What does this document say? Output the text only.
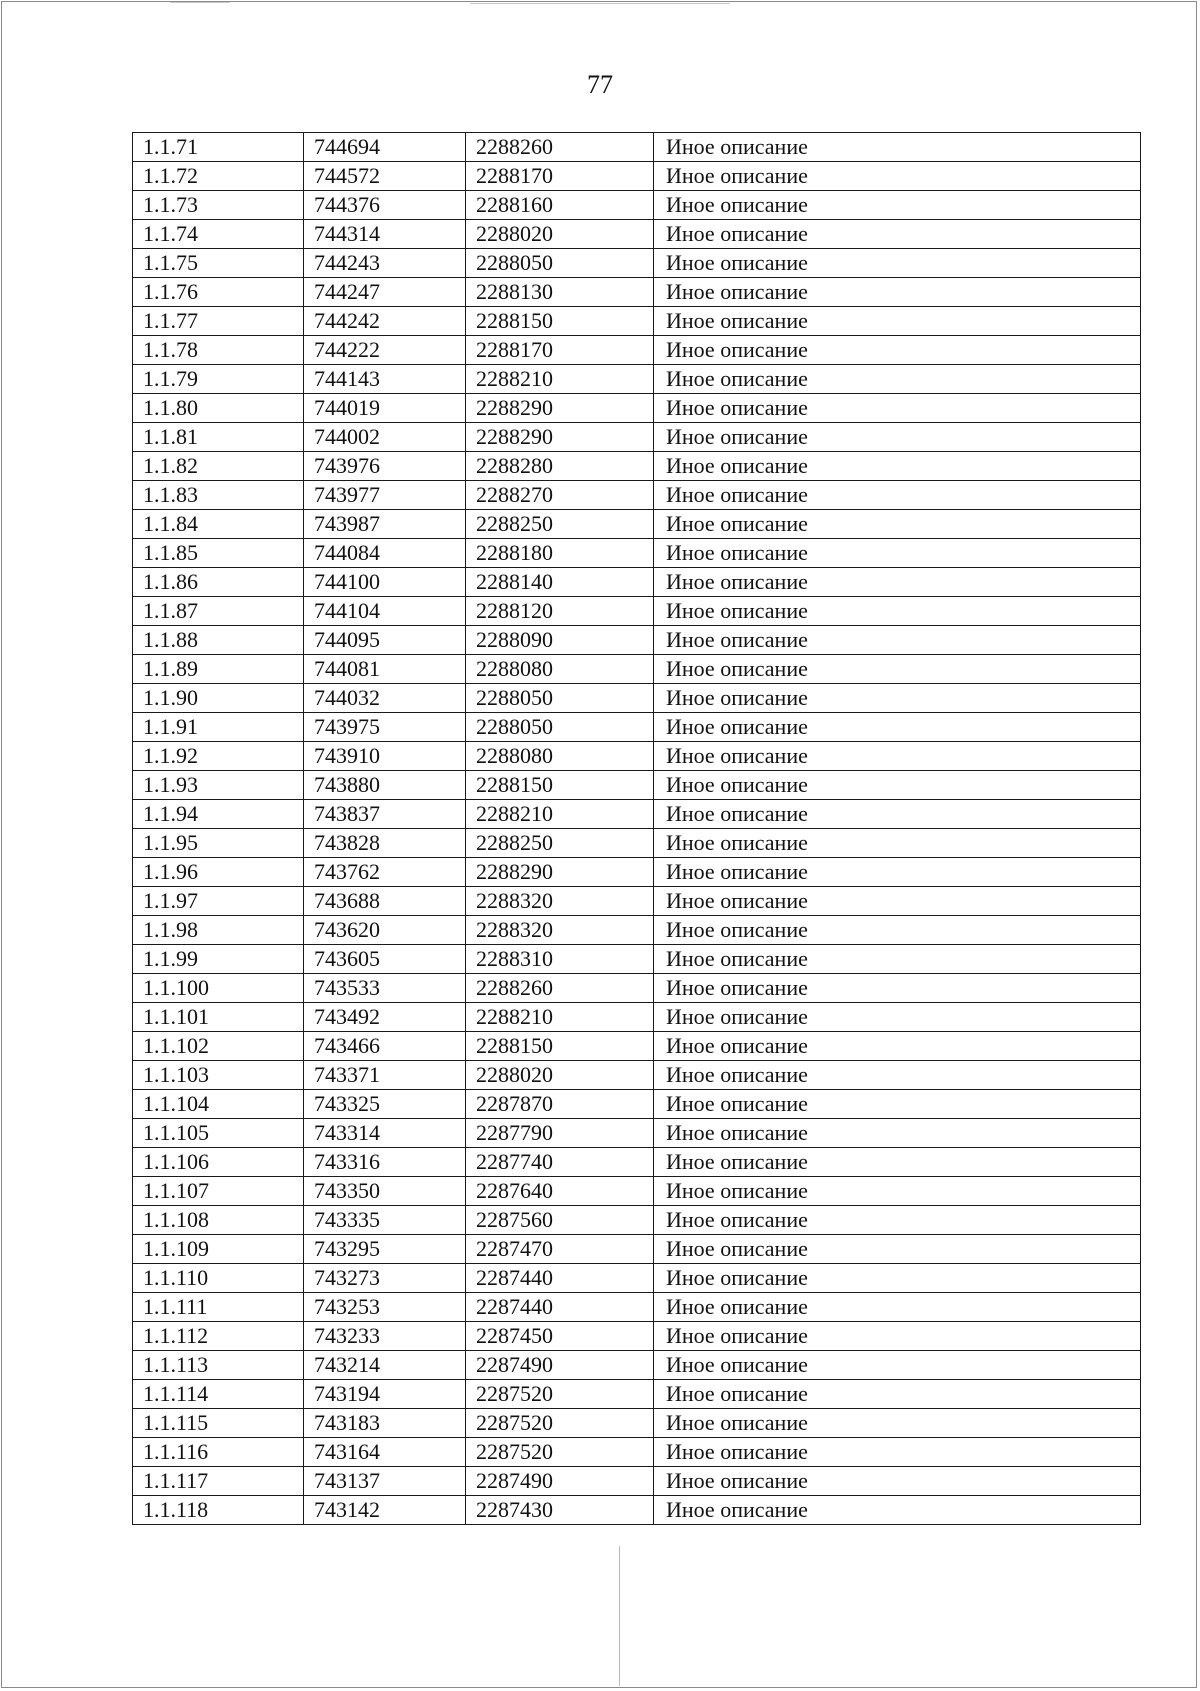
77
1.1.71	744694	2288260	Иное описание
1.1.72	744572	2288170	Иное описание
1.1.73	744376	2288160	Иное описание
1.1.74	744314	2288020	Иное описание
1.1.75	744243	2288050	Иное описание
1.1.76	744247	2288130	Иное описание
1.1.77	744242	2288150	Иное описание
1.1.78	744222	2288170	Иное описание
1.1.79	744143	2288210	Иное описание
1.1.80	744019	2288290	Иное описание
1.1.81	744002	2288290	Иное описание
1.1.82	743976	2288280	Иное описание
1.1.83	743977	2288270	Иное описание
1.1.84	743987	2288250	Иное описание
1.1.85	744084	2288180	Иное описание
1.1.86	744100	2288140	Иное описание
1.1.87	744104	2288120	Иное описание
1.1.88	744095	2288090	Иное описание
1.1.89	744081	2288080	Иное описание
1.1.90	744032	2288050	Иное описание
1.1.91	743975	2288050	Иное описание
1.1.92	743910	2288080	Иное описание
1.1.93	743880	2288150	Иное описание
1.1.94	743837	2288210	Иное описание
1.1.95	743828	2288250	Иное описание
1.1.96	743762	2288290	Иное описание
1.1.97	743688	2288320	Иное описание
1.1.98	743620	2288320	Иное описание
1.1.99	743605	2288310	Иное описание
1.1.100	743533	2288260	Иное описание
1.1.101	743492	2288210	Иное описание
1.1.102	743466	2288150	Иное описание
1.1.103	743371	2288020	Иное описание
1.1.104	743325	2287870	Иное описание
1.1.105	743314	2287790	Иное описание
1.1.106	743316	2287740	Иное описание
1.1.107	743350	2287640	Иное описание
1.1.108	743335	2287560	Иное описание
1.1.109	743295	2287470	Иное описание
1.1.110	743273	2287440	Иное описание
1.1.111	743253	2287440	Иное описание
1.1.112	743233	2287450	Иное описание
1.1.113	743214	2287490	Иное описание
1.1.114	743194	2287520	Иное описание
1.1.115	743183	2287520	Иное описание
1.1.116	743164	2287520	Иное описание
1.1.117	743137	2287490	Иное описание
1.1.118	743142	2287430	Иное описание
